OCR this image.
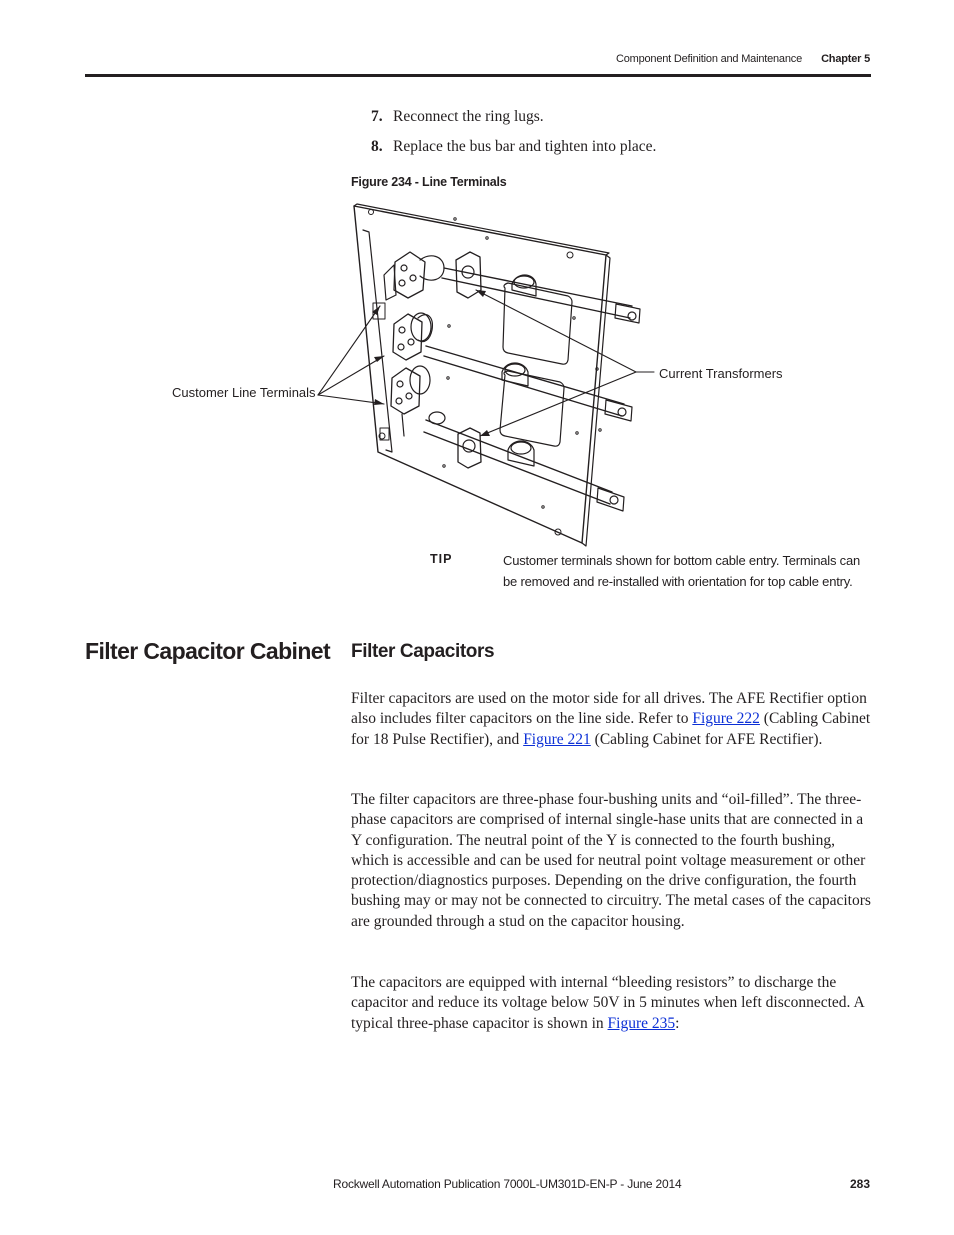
Component Definition and Maintenance Chapter 5
7. Reconnect the ring lugs.
8. Replace the bus bar and tighten into place.
Figure 234 - Line Terminals
Customer Line Terminals
Current Transformers
TIP	Customer terminals shown for bottom cable entry. Terminals can be removed and re-installed with orientation for top cable entry.
Filter Capacitor Cabinet Filter Capacitors
Filter capacitors are used on the motor side for all drives. The AFE Rectifier option also includes filter capacitors on the line side. Refer to Figure 222 (Cabling Cabinet for 18 Pulse Rectifier), and Figure 221 (Cabling Cabinet for AFE Rectifier).
The filter capacitors are three-phase four-bushing units and “oil-filled”. The three-phase capacitors are comprised of internal single-hase units that are connected in a Y configuration. The neutral point of the Y is connected to the fourth bushing, which is accessible and can be used for neutral point voltage measurement or other protection/diagnostics purposes. Depending on the drive configuration, the fourth bushing may or may not be connected to circuitry. The metal cases of the capacitors are grounded through a stud on the capacitor housing.
The capacitors are equipped with internal “bleeding resistors” to discharge the capacitor and reduce its voltage below 50V in 5 minutes when left disconnected. A typical three-phase capacitor is shown in Figure 235:
Rockwell Automation Publication 7000L-UM301D-EN-P - June 2014	283
